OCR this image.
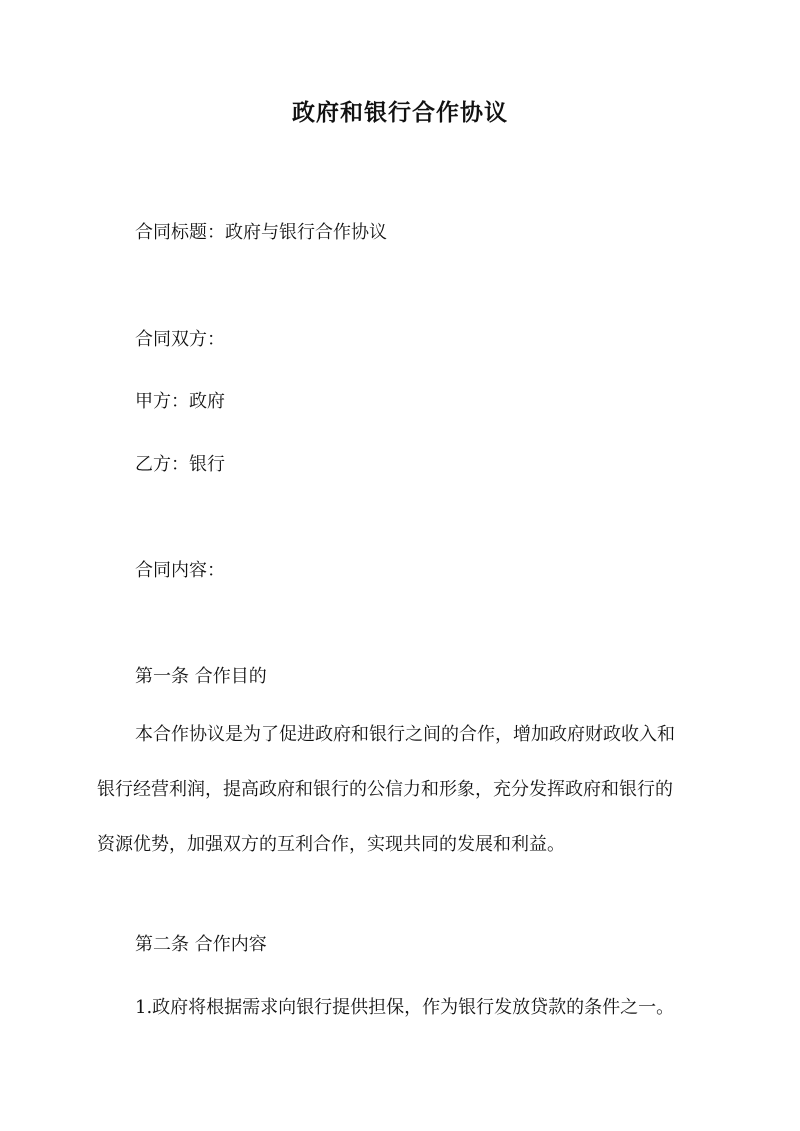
政府和银行合作协议
合同标题：政府与银行合作协议
合同双方：
甲方：政府
乙方：银行
合同内容：
第一条 合作目的
本合作协议是为了促进政府和银行之间的合作，增加政府财政收入和
银行经营利润，提高政府和银行的公信力和形象，充分发挥政府和银行的
资源优势，加强双方的互利合作，实现共同的发展和利益。
第二条 合作内容
1.政府将根据需求向银行提供担保，作为银行发放贷款的条件之一。
